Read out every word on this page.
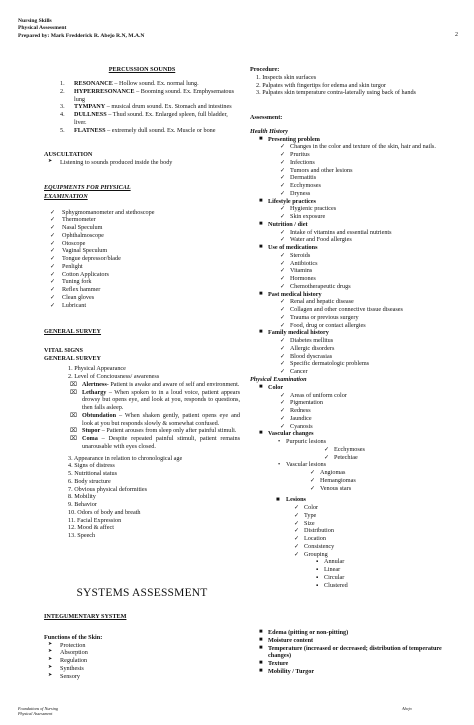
Nursing Skills
Physical Assessment
Prepared by: Mark Fredderick R. Abejo R.N, M.A.N	2
PERCUSSION SOUNDS
1. RESONANCE – Hollow sound. Ex. normal lung.
2. HYPERRESONANCE – Booming sound. Ex. Emphysematous lung
3. TYMPANY – musical drum sound. Ex. Stomach and intestines
4. DULLNESS – Thud sound. Ex. Enlarged spleen, full bladder, liver.
5. FLATNESS – extremely dull sound. Ex. Muscle or bone
AUSCULTATION
➤ Listening to sounds produced inside the body
EQUIPMENTS FOR PHYSICAL
EXAMINATION
✓ Sphygmomanometer and stethoscope
✓ Thermometer
✓ Nasal Speculum
✓ Ophthalmoscope
✓ Otoscope
✓ Vaginal Speculum
✓ Tongue depressor/blade
✓ Penlight
✓ Cotton Applicators
✓ Tuning fork
✓ Reflex hammer
✓ Clean gloves
✓ Lubricant
GENERAL SURVEY
VITAL SIGNS
GENERAL SURVEY
1. Physical Appearance
2. Level of Conciousness/ awareness
⌧ Alertness- Patient is awake and aware of self and environment.
⌧ Lethargy – When spoken to in a loud voice, patient appears drowsy but opens eye, and look at you, responds to questions, then falls asleep.
⌧ Obtundation – When shaken gently, patient opens eye and look at you but responds slowly & somewhat confused.
⌧ Stupor – Patient arouses from sleep only after painful stimuli.
⌧ Coma – Despite repeated painful stimuli, patient remains unarousable with eyes closed.
3. Appearance in relation to chronological age
4. Signs of distress
5. Nutritional status
6. Body structure
7. Obvious physical deformities
8. Mobility
9. Behavior
10. Odors of body and breath
11. Facial Expression
12. Mood & affect
13. Speech
SYSTEMS ASSESSMENT
INTEGUMENTARY SYSTEM
Functions of the Skin:
➤ Protection
➤ Absorption
➤ Regulation
➤ Synthesis
➤ Sensory
Procedure:
1. Inspects skin surfaces
2. Palpates with fingertips for edema and skin turgor
3. Palpates skin temperature contra-laterally using back of hands
Assessment:
Health History
■ Presenting problem
✓ Changes in the color and texture of the skin, hair and nails.
✓ Pruritus
✓ Infections
✓ Tumors and other lesions
✓ Dermatitis
✓ Ecchymoses
✓ Dryness
■ Lifestyle practices
✓ Hygienic practices
✓ Skin exposure
■ Nutrition / diet
✓ Intake of vitamins and essential nutrients
✓ Water and Food allergies
■ Use of medications
✓ Steroids
✓ Antibiotics
✓ Vitamins
✓ Hormones
✓ Chemotherapeutic drugs
■ Past medical history
✓ Renal and hepatic disease
✓ Collagen and other connective tissue diseases
✓ Trauma or previous surgery
✓ Food, drug or contact allergies
■ Family medical history
✓ Diabetes mellitus
✓ Allergic disorders
✓ Blood dyscrasias
✓ Specific dermatologic problems
✓ Cancer
Physical Examination
■ Color
✓ Areas of uniform color
✓ Pigmentation
✓ Redness
✓ Jaundice
✓ Cyanosis
■ Vascular changes
• Purpuric lesions
✓ Ecchymoses
✓ Petechiae
• Vascular lesions
✓ Angiomas
✓ Hemangiomas
✓ Venous stars
■ Lesions
✓ Color
✓ Type
✓ Size
✓ Distribution
✓ Location
✓ Consistency
✓ Grouping
▪ Annular
▪ Linear
▪ Circular
▪ Clustered
■ Edema (pitting or non-pitting)
■ Moisture content
■ Temperature (increased or decreased; distribution of temperature changes)
■ Texture
■ Mobility / Turgor
Foundations of Nursing
Physical Assessment
Abejo
